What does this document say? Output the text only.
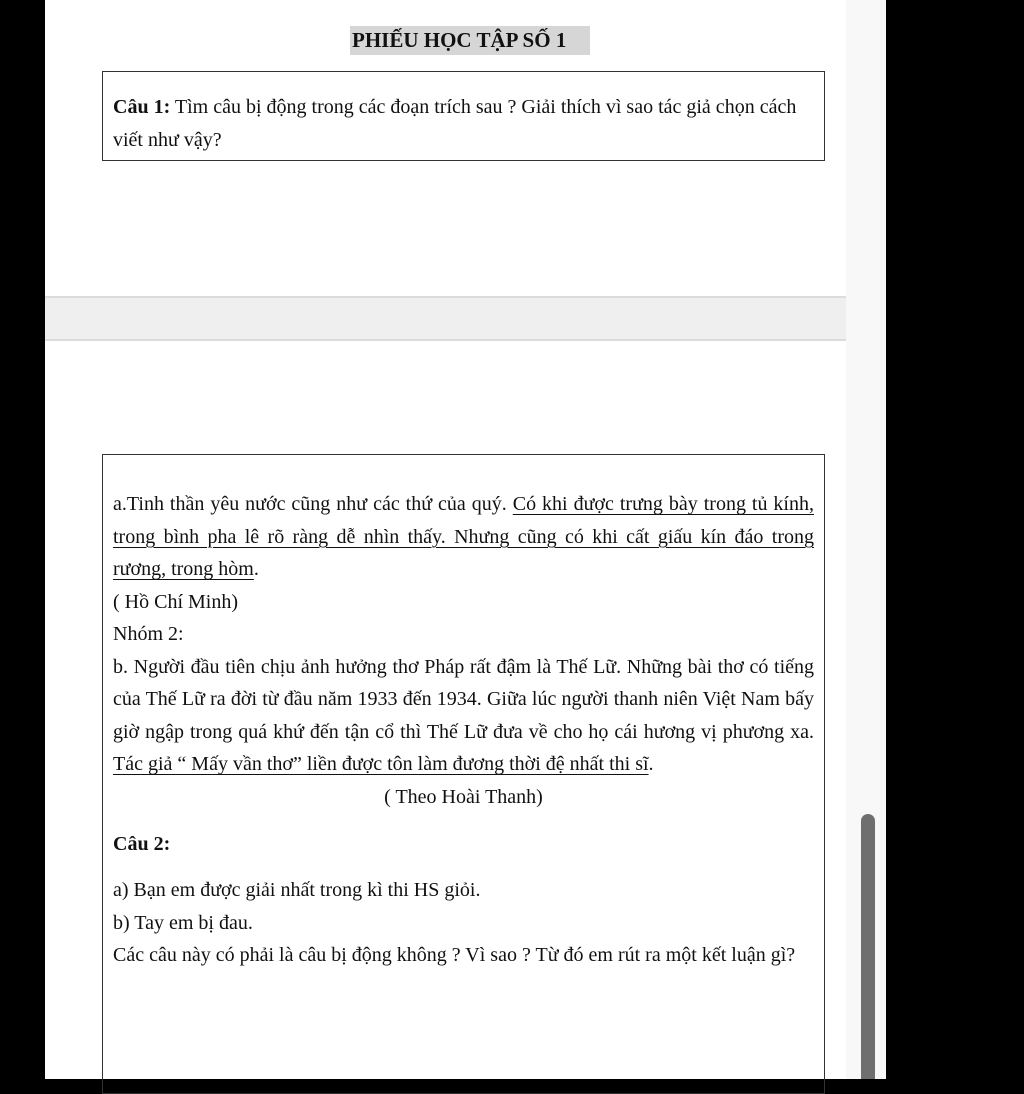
PHIẾU HỌC TẬP SỐ 1
Câu 1: Tìm câu bị động trong các đoạn trích sau ? Giải thích vì sao tác giả chọn cách viết như vậy?
a.Tinh thần yêu nước cũng như các thứ của quý. Có khi được trưng bày trong tủ kính, trong bình pha lê rõ ràng dễ nhìn thấy. Nhưng cũng có khi cất giấu kín đáo trong rương, trong hòm.
( Hồ Chí Minh)
Nhóm 2:
b. Người đầu tiên chịu ảnh hưởng thơ Pháp rất đậm là Thế Lữ. Những bài thơ có tiếng của Thế Lữ ra đời từ đầu năm 1933 đến 1934. Giữa lúc người thanh niên Việt Nam bấy giờ ngập trong quá khứ đến tận cổ thì Thế Lữ đưa về cho họ cái hương vị phương xa. Tác giả “ Mấy vần thơ” liền được tôn làm đương thời đệ nhất thi sĩ.
( Theo Hoài Thanh)
Câu 2:
a) Bạn em được giải nhất trong kì thi HS giỏi.
b) Tay em bị đau.
Các câu này có phải là câu bị động không ? Vì sao ? Từ đó em rút ra một kết luận gì?
